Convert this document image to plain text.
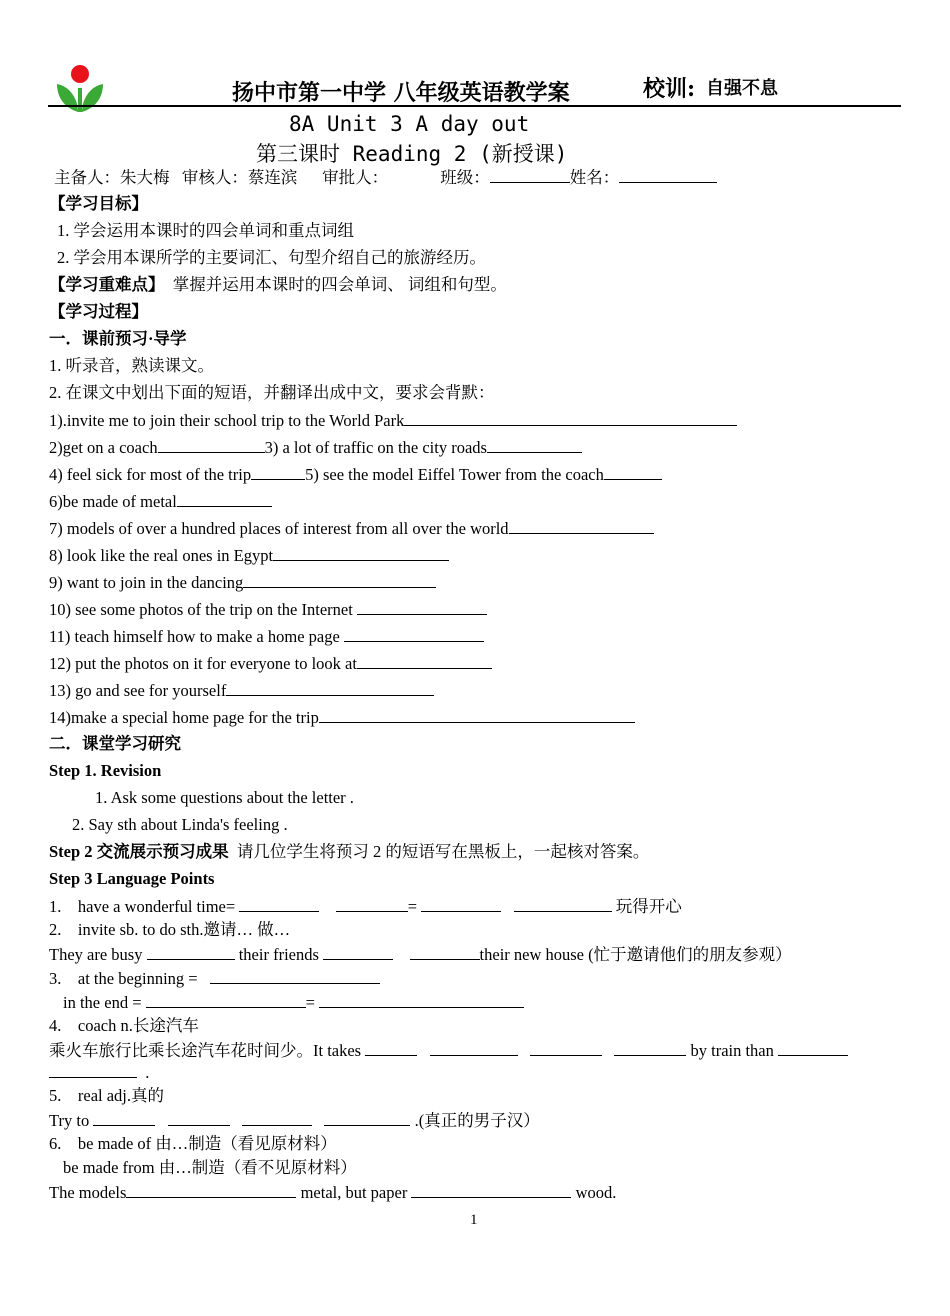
扬中市第一中学 八年级英语教学案	校训: 自强不息
8A Unit 3 A day out
第三课时 Reading 2 (新授课)
主备人：朱大梅 审核人：蔡连滨 审批人：	班级：	姓名：
【学习目标】
1. 学会运用本课时的四会单词和重点词组
2. 学会用本课所学的主要词汇、句型介绍自己的旅游经历。
【学习重难点】 掌握并运用本课时的四会单词、 词组和句型。
【学习过程】
一．课前预习·导学
1. 听录音，熟读课文。
2. 在课文中划出下面的短语，并翻译出成中文，要求会背默：
1).invite me to join their school trip to the World Park
2)get on a coach	3) a lot of traffic on the city roads
4) feel sick for most of the trip	5) see the model Eiffel Tower from the coach
6)be made of metal
7) models of over a hundred places of interest from all over the world
8) look like the real ones in Egypt
9) want to join in the dancing
10) see some photos of the trip on the Internet
11) teach himself how to make a home page
12) put the photos on it for everyone to look at
13) go and see for yourself
14)make a special home page for the trip
二．课堂学习研究
Step 1. Revision
1. Ask some questions about the letter .
2. Say sth about Linda's feeling .
Step 2 交流展示预习成果 请几位学生将预习 2 的短语写在黑板上，一起核对答案。
Step 3 Language Points
1. have a wonderful time=	=	玩得开心
2. invite sb. to do sth.邀请… 做…
They are busy	their friends	their new house (忙于邀请他们的朋友参观）
3. at the beginning =
in the end =	=
4. coach n.长途汽车
乘火车旅行比乘长途汽车花时间少。It takes	by train than
.
5. real adj.真的
Try to	.(真正的男子汉）
6. be made of 由…制造（看见原材料）
be made from 由…制造（看不见原材料）
The models	metal, but paper	wood.
1
